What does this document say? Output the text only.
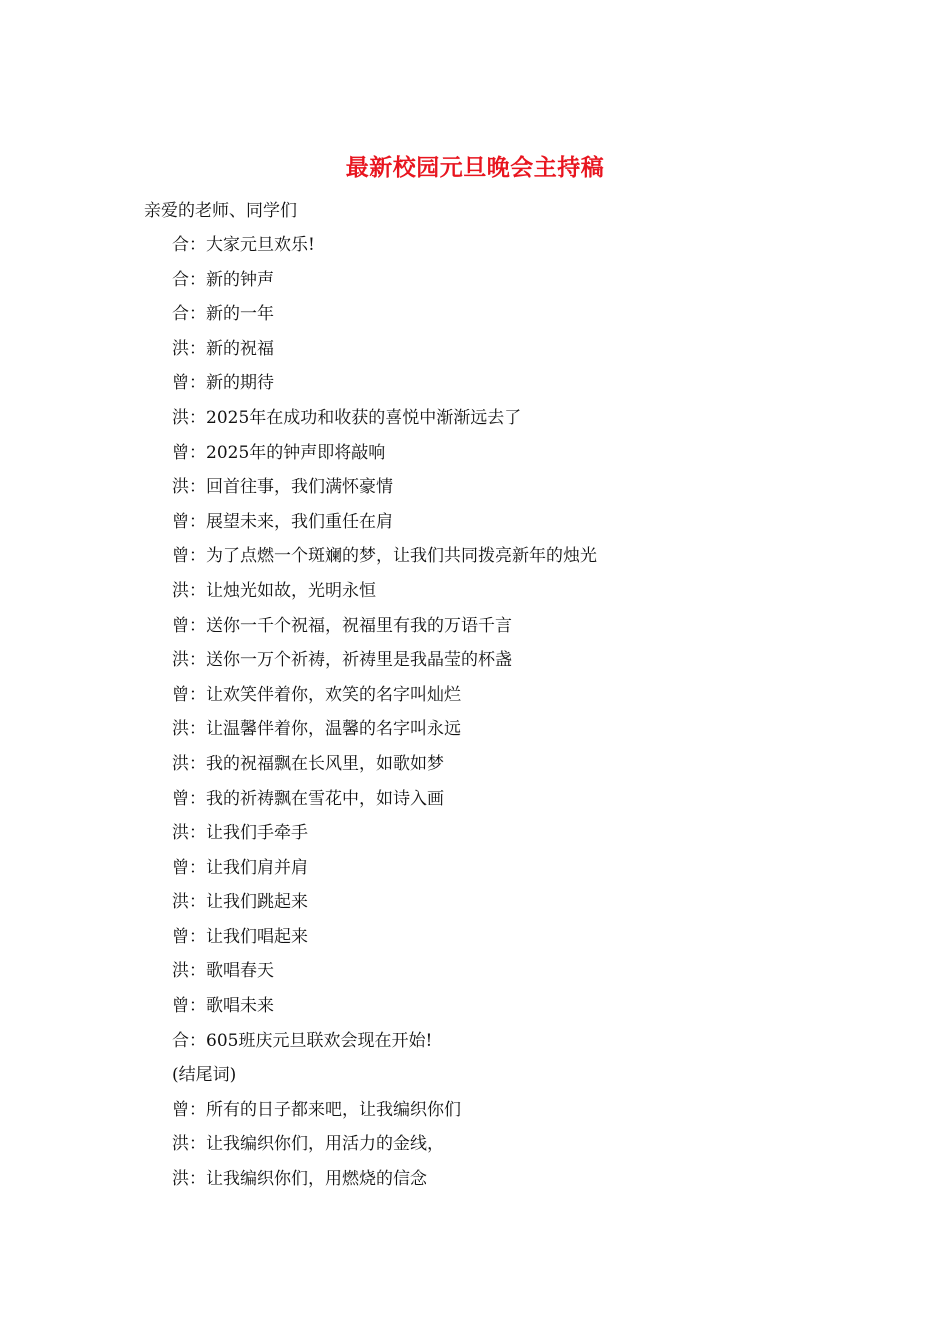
最新校园元旦晚会主持稿
亲爱的老师、同学们
合：大家元旦欢乐!
合：新的钟声
合：新的一年
洪：新的祝福
曾：新的期待
洪：2025年在成功和收获的喜悦中渐渐远去了
曾：2025年的钟声即将敲响
洪：回首往事，我们满怀豪情
曾：展望未来，我们重任在肩
曾：为了点燃一个斑斓的梦，让我们共同拨亮新年的烛光
洪：让烛光如故，光明永恒
曾：送你一千个祝福，祝福里有我的万语千言
洪：送你一万个祈祷，祈祷里是我晶莹的杯盏
曾：让欢笑伴着你，欢笑的名字叫灿烂
洪：让温馨伴着你，温馨的名字叫永远
洪：我的祝福飘在长风里，如歌如梦
曾：我的祈祷飘在雪花中，如诗入画
洪：让我们手牵手
曾：让我们肩并肩
洪：让我们跳起来
曾：让我们唱起来
洪：歌唱春天
曾：歌唱未来
合：605班庆元旦联欢会现在开始!
(结尾词)
曾：所有的日子都来吧，让我编织你们
洪：让我编织你们，用活力的金线，
洪：让我编织你们，用燃烧的信念
